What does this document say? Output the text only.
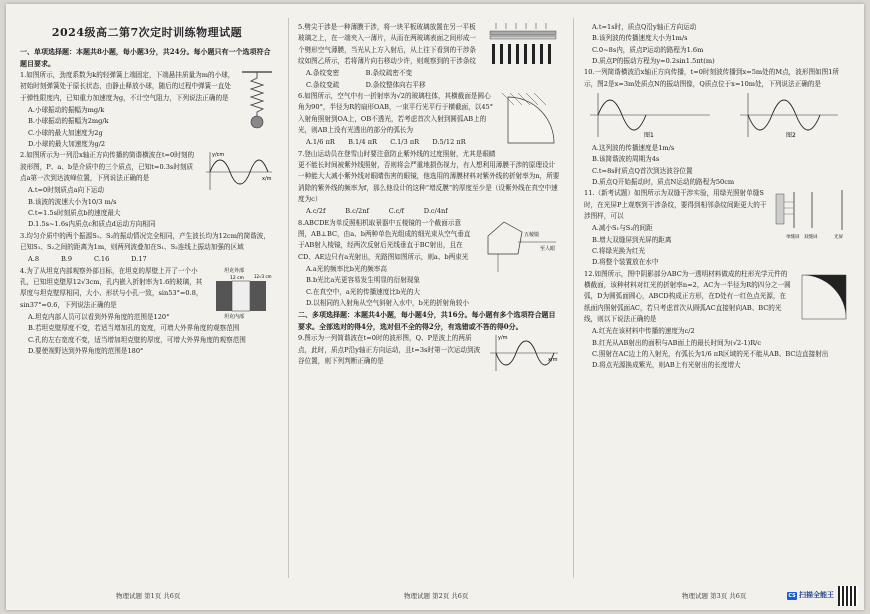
2024级高二第7次定时训练物理试题
一、单项选择题：本题共8小题，每小题3分，共24分。每小题只有一个选项符合题目要求。
1.如图所示，劲度系数为k的轻弹簧上端固定，下端悬挂质量为m的小球，初始时刻弹簧处于原长状态，由静止释放小球，随后的过程中弹簧一直处于弹性限度内，已知重力加速度为g，不计空气阻力，下列说法正确的是
A.小球振动的振幅为mg/k
B.小球振动的振幅为2mg/k
C.小球的最大加速度为2g
D.小球的最大加速度为g/2
x/m
y/cm
2.如图所示为一列沿x轴正方向传播的简谐横波在t=0时刻的波形图，P、a、b是介质中的三个质点，已知t=0.3s时刻质点a第一次到达波峰位置，下列说法正确的是
A.t=0时刻质点a向下运动
B.该波的波速大小为10/3 m/s
C.t=1.5s时刻质点b的速度最大
D.1.5s~1.6s内质点c和质点d运动方向相同
3.均匀介质中的两个振源S₁、S₂的振动情况完全相同，产生波长均为12cm的简谐波，已知S₁、S₂之间的距离为1m，则两列波叠加在S₁、S₂连线上振动加强的区域
A.8   	B.9   	C.16   	D.17
坦克外部
12 cm
坦克内部
12√3 cm
4.为了从坦克内部观察外部目标，在坦克的厚壁上开了一个小孔，已知坦克壁厚12√3cm，孔内嵌入折射率为1.6的玻璃，其厚度与坦克壁厚相同，大小、形状与小孔一致，sin53°=0.8，sin37°=0.6，下列说法正确的是
A.坦克内部人员可以看到外界角度的范围是120°
B.若坦克壁厚度不变，若适当增加孔的宽度，可增大外界角度的观察范围
C.孔的左右宽度不变，适当增加坦克壁的厚度，可增大外界角度的观察范围
D.要使视野达到外界角度的范围是180°
5.劈尖干涉是一种薄膜干涉，将一块平板玻璃放置在另一平板玻璃之上，在一端夹入一薄片，从而在两玻璃表面之间形成一个劈形空气薄膜，当光从上方入射后，从上往下看到的干涉条纹如图乙所示，若将薄片向右移动少许，则观察到的干涉条纹
A.条纹变密    	B.条纹疏密不变
C.条纹变疏    	D.条纹整体向右平移
6.如图所示，空气中有一折射率为√2的玻璃柱体，其横截面是圆心角为90°，半径为R的扇形OAB，一束平行光平行于横截面，以45°入射角照射到OA上，OB不透光，若考虑首次入射到圆弧AB上的光，则AB上没有光透出的部分的弧长为
A.1/6 πR   B.1/4 πR   C.1/3 πR   D.5/12 πR
7.登山运动员在登雪山时要注意防止紫外线的过度照射，尤其是眼睛更不能长时间被紫外线照射，否则将会严重地损伤视力，有人想利用薄膜干涉的原理设计一种能大大减小紫外线对眼睛伤害的眼镜，他选用的薄膜材料对紫外线的折射率为n，所要消除的紫外线的频率为f，那么他设计的这种“增反膜”的厚度至少是（设紫外线在真空中速度为c）
A.c/2f   	B.c/2nf   	C.c/f   	D.c/4nf
五棱镜
至人眼
8.ABCDE为单反照相机取景器中五棱镜的一个截面示意图，AB⊥BC，由a、b两种单色光组成的细光束从空气垂直于AB射入棱镜，经两次反射后光线垂直于BC射出，且在CD、AE边只有a光射出，光路图如图所示，则a、b两束光
A.a光的频率比b光的频率高
B.b光比a光更容易发生明显的衍射现象
C.在真空中，a光的传播速度比b光的大
D.以相同的入射角从空气斜射入水中，b光的折射角较小
二、多项选择题：本题共4小题，每小题4分，共16分。每小题有多个选项符合题目要求。全部选对的得4分，选对但不全的得2分，有选错或不答的得0分。
x/m
y/m
9.图示为一列简谐波在t=0时的波形图，Q、P是波上的两质点，此时，质点P沿y轴正方向运动，且t=3s时第一次运动到波谷位置，则下列判断正确的是
A.t=1s时，质点Q沿y轴正方向运动
B.该列波的传播速度大小为1m/s
C.0~8s内，质点P运动的路程为1.6m
D.质点P的振动方程为y=0.2sin1.5πt(m)
10.一列简谐横波沿x轴正方向传播，t=0时刻波传播到x=5m处的M点，波形图如图1所示，图2是x=3m处质点N的振动图像，Q质点位于x=10m处，下列说法正确的是
图1	图2
A.这列波的传播速度是1m/s
B.该简谐波的周期为4s
C.t=8s时质点Q首次到达波谷位置
D.质点Q开始振动时，质点N运动的路程为50cm
单缝屏 双缝屏	光屏
11.（新考试题）如图所示为双缝干涉实验，用绿光照射单缝S时，在光屏P上观察到干涉条纹，要得到相邻条纹间距更大的干涉图样，可以
A.减小S₁与S₂的间距
B.增大双缝屏到光屏的距离
C.将绿光换为红光
D.将整个装置放在水中
12.如图所示，图中阴影部分ABC为一透明材料做成的柱形光学元件的横截面，该种材料对红光的折射率n=2，AC为一半径为R的四分之一圆弧，D为圆弧面圆心，ABCD构成正方形，在D处有一红色点光源，在纸面内照射弧面AC，若只考虑首次从圆弧AC直接射向AB、BC的光线，则以下说法正确的是
A.红光在该材料中传播的速度为c/2
B.红光从AB射出的面积与AB面上的最长时间为(√2-1)R/c
C.照射在AC边上的入射光，有弧长为1/6 πR区域的光不能从AB、BC边直接射出
D.将点光源换成紫光，则AB上有光射出的长度增大
物理试题 第1页 共6页	物理试题 第2页 共6页	物理试题 第3页 共6页	CS 扫描全能王
